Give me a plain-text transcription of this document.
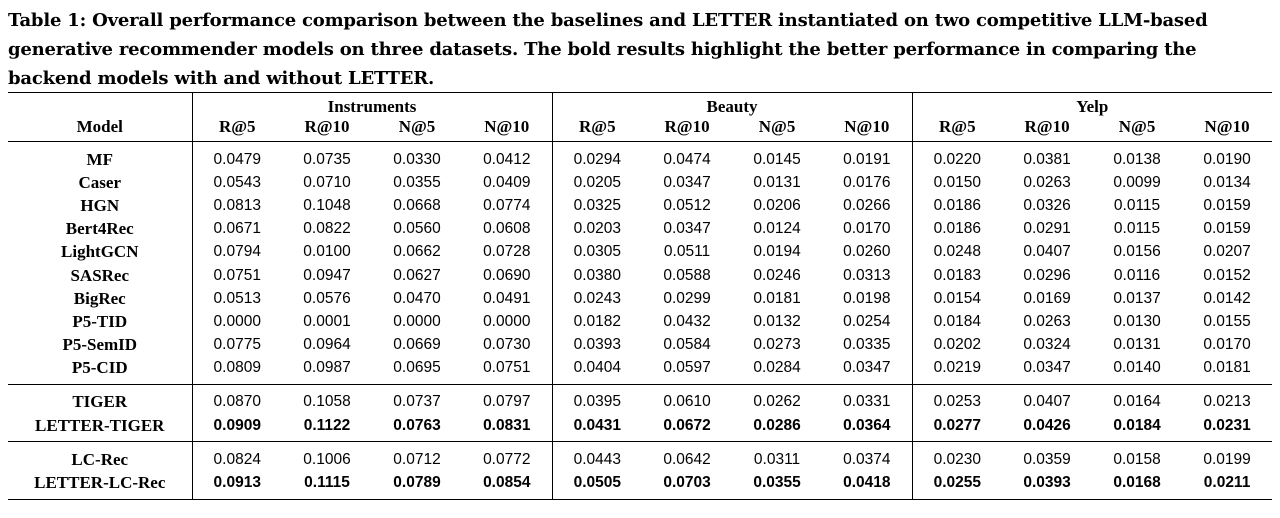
Table 1: Overall performance comparison between the baselines and LETTER instantiated on two competitive LLM-based generative recommender models on three datasets. The bold results highlight the better performance in comparing the backend models with and without LETTER.
	Instruments				Beauty				Yelp			
Model	R@5	R@10	N@5	N@10	R@5	R@10	N@5	N@10	R@5	R@10	N@5	N@10
MF	0.0479	0.0735	0.0330	0.0412	0.0294	0.0474	0.0145	0.0191	0.0220	0.0381	0.0138	0.0190
Caser	0.0543	0.0710	0.0355	0.0409	0.0205	0.0347	0.0131	0.0176	0.0150	0.0263	0.0099	0.0134
HGN	0.0813	0.1048	0.0668	0.0774	0.0325	0.0512	0.0206	0.0266	0.0186	0.0326	0.0115	0.0159
Bert4Rec	0.0671	0.0822	0.0560	0.0608	0.0203	0.0347	0.0124	0.0170	0.0186	0.0291	0.0115	0.0159
LightGCN	0.0794	0.0100	0.0662	0.0728	0.0305	0.0511	0.0194	0.0260	0.0248	0.0407	0.0156	0.0207
SASRec	0.0751	0.0947	0.0627	0.0690	0.0380	0.0588	0.0246	0.0313	0.0183	0.0296	0.0116	0.0152
BigRec	0.0513	0.0576	0.0470	0.0491	0.0243	0.0299	0.0181	0.0198	0.0154	0.0169	0.0137	0.0142
P5-TID	0.0000	0.0001	0.0000	0.0000	0.0182	0.0432	0.0132	0.0254	0.0184	0.0263	0.0130	0.0155
P5-SemID	0.0775	0.0964	0.0669	0.0730	0.0393	0.0584	0.0273	0.0335	0.0202	0.0324	0.0131	0.0170
P5-CID	0.0809	0.0987	0.0695	0.0751	0.0404	0.0597	0.0284	0.0347	0.0219	0.0347	0.0140	0.0181
TIGER	0.0870	0.1058	0.0737	0.0797	0.0395	0.0610	0.0262	0.0331	0.0253	0.0407	0.0164	0.0213
LETTER-TIGER	0.0909	0.1122	0.0763	0.0831	0.0431	0.0672	0.0286	0.0364	0.0277	0.0426	0.0184	0.0231
LC-Rec	0.0824	0.1006	0.0712	0.0772	0.0443	0.0642	0.0311	0.0374	0.0230	0.0359	0.0158	0.0199
LETTER-LC-Rec	0.0913	0.1115	0.0789	0.0854	0.0505	0.0703	0.0355	0.0418	0.0255	0.0393	0.0168	0.0211
